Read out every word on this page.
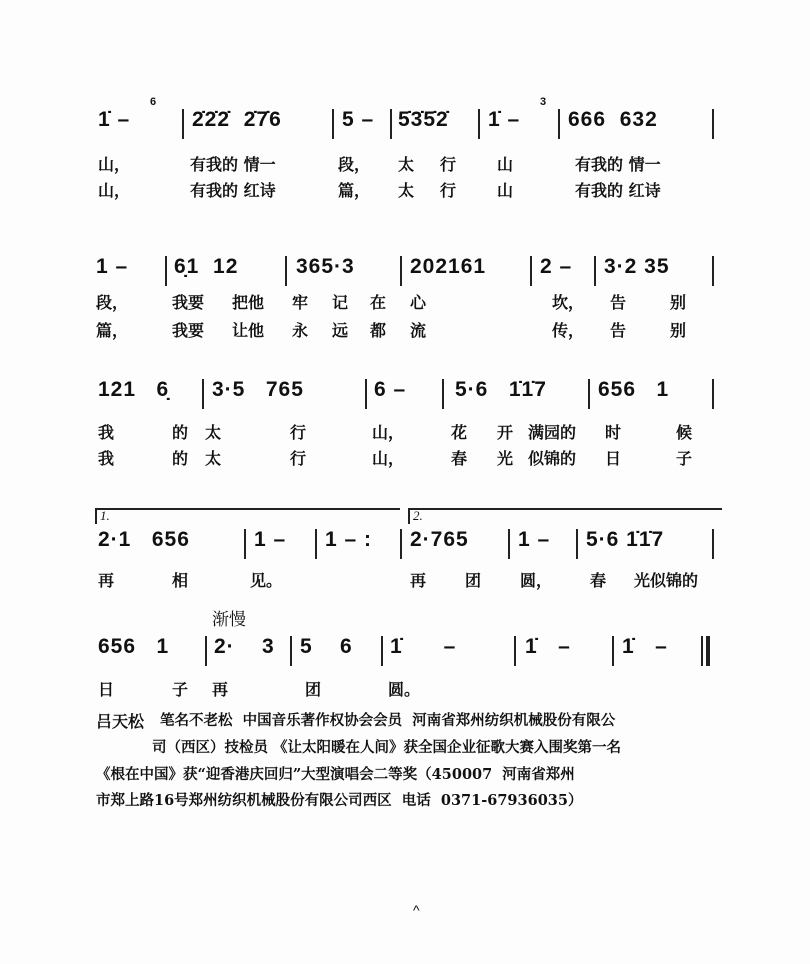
吕天松 笔名不老松  中国音乐著作权协会会员  河南省郑州纺织机械股份有限公
司（西区）技检员 《让太阳暖在人间》获全国企业征歌大赛入围奖第一名
《根在中国》获“迎香港庆回归”大型演唱会二等奖（450007  河南省郑州
市郑上路16号郑州纺织机械股份有限公司西区  电话  0371-67936035）
^
1̇ –	2̇2̇2̇  2̇7̇6	5 – 5̇3̇5̇2̇ 1̇ – 666  632
6	3
山，	有我的 情一	段， 太 行	山	有我的 情一
山，	有我的 红诗	篇， 太 行	山	有我的 红诗
1 – 6̣1  12	365·3	202161	2 – 3·2 35
段，	我要 把他 牢 记 在 心	坎， 告	别
篇，	我要 让他 永 远 都 流	传， 告	别
121   6̣ 3·5   765	6 – 5·6   1̇1̇7 656   1
我	的 太	行	山，	花 开 满园的 时	候
我	的 太	行	山，	春 光 似锦的 日	子
2·1   656	1 – 1 – : 2·765 1 – 5·6 1̇1̇7
再	相	见。	再 团 圆， 春 光似锦的
1.	2.
656   1 2·    3 5    6 1̇      –	1̇   – 1̇   –
日	子 再	团	圆。
渐慢
